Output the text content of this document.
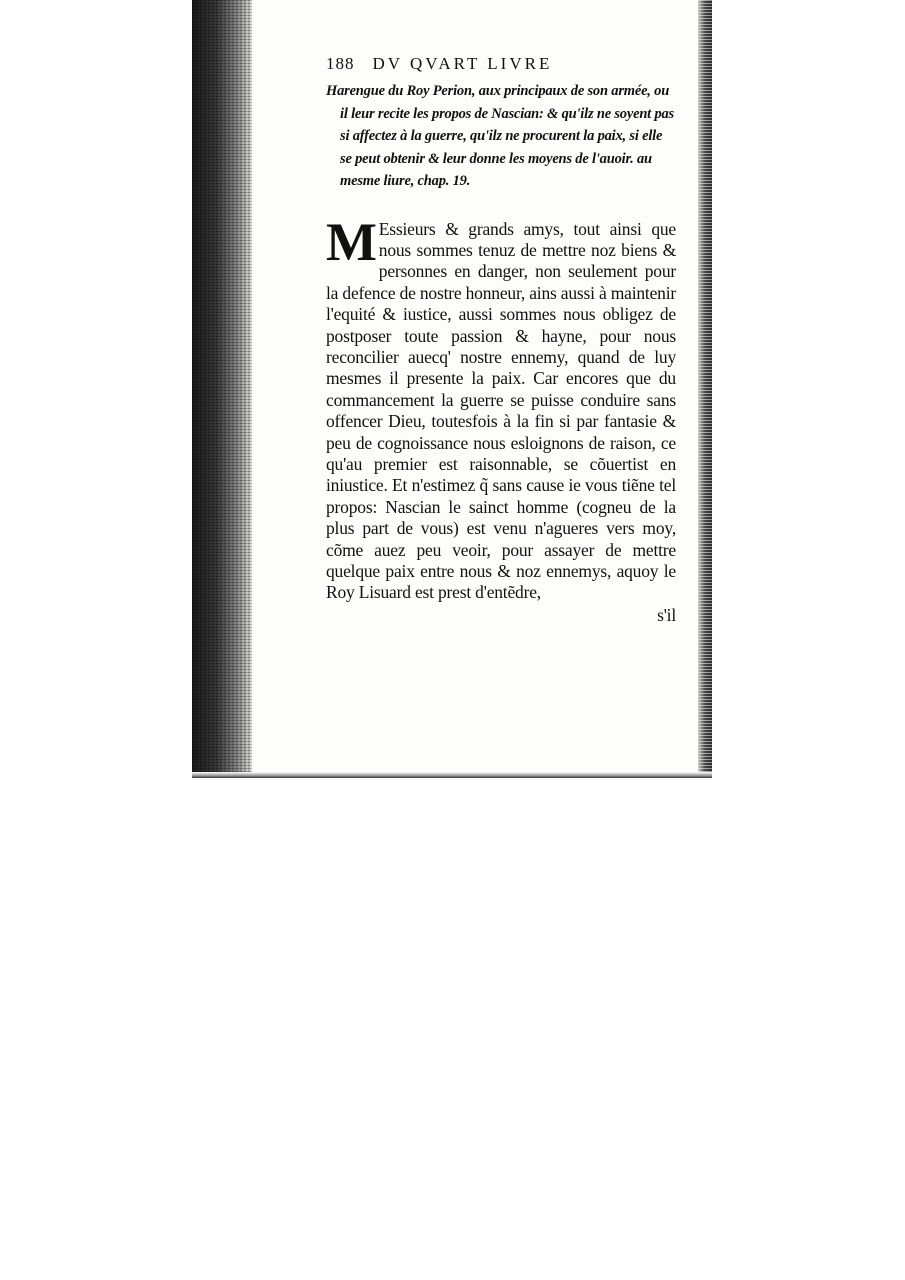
188 DV QVART LIVRE

Harengue du Roy Perion, aux principaux de son armée, ou il leur recite les propos de Nascian: & qu'ilz ne soyent pas si affectez à la guerre, qu'ilz ne procurent la paix, si elle se peut obtenir & leur donne les moyens de l'auoir. au mesme liure, chap. 19.

M Essieurs & grands amys, tout ainsi que nous sommes tenuz de mettre noz biens & personnes en danger, non seulement pour la defence de nostre honneur, ains aussi à maintenir l'equité & iustice, aussi sommes nous obligez de postposer toute passion & hayne, pour nous reconcilier auecq' nostre ennemy, quand de luy mesmes il presente la paix. Car encores que du commancement la guerre se puisse conduire sans offencer Dieu, toutesfois à la fin si par fantasie & peu de cognoissance nous esloignons de raison, ce qu'au premier est raisonnable, se cõuertist en iniustice. Et n'estimez q̃ sans cause ie vous tiẽne tel propos: Nascian le sainct homme (cogneu de la plus part de vous) est venu n'agueres vers moy, cõme auez peu veoir, pour assayer de mettre quelque paix entre nous & noz ennemys, aquoy le Roy Lisuard est prest d'entẽdre,
s'il
